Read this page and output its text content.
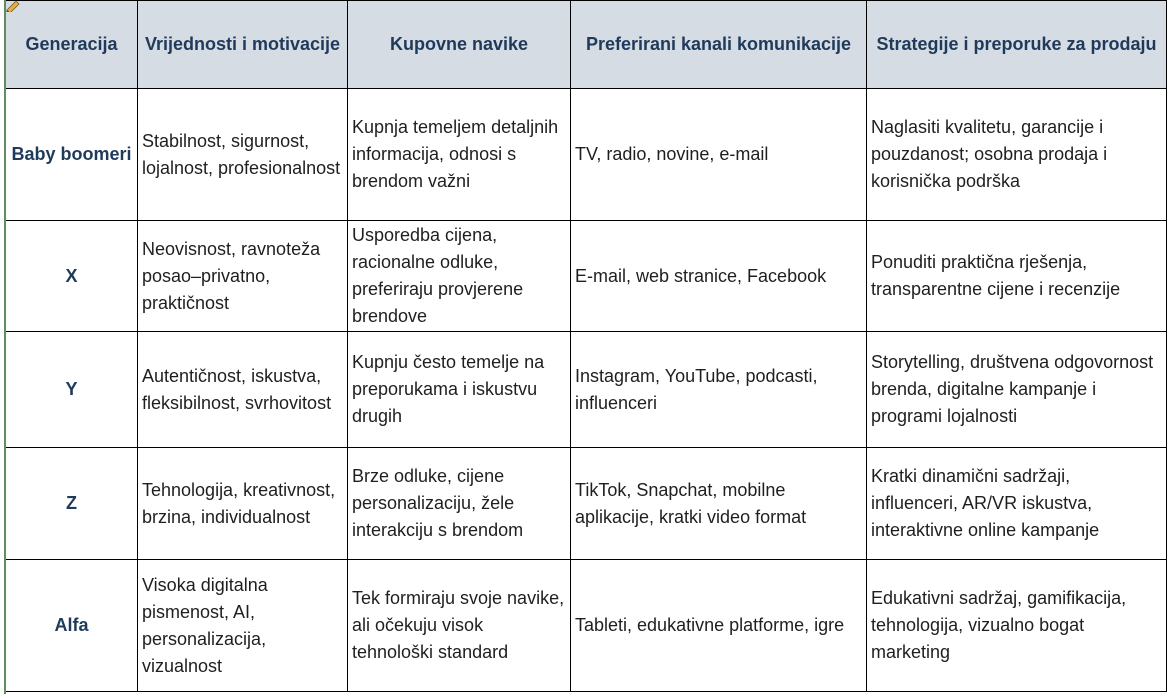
Generacija	Vrijednosti i motivacije	Kupovne navike	Preferirani kanali komunikacije	Strategije i preporuke za prodaju
Baby boomeri	Stabilnost, sigurnost, lojalnost, profesionalnost	Kupnja temeljem detaljnih informacija, odnosi s brendom važni	TV, radio, novine, e-mail	Naglasiti kvalitetu, garancije i pouzdanost; osobna prodaja i korisnička podrška
X	Neovisnost, ravnoteža posao–privatno, praktičnost	Usporedba cijena, racionalne odluke, preferiraju provjerene brendove	E-mail, web stranice, Facebook	Ponuditi praktična rješenja, transparentne cijene i recenzije
Y	Autentičnost, iskustva, fleksibilnost, svrhovitost	Kupnju često temelje na preporukama i iskustvu drugih	Instagram, YouTube, podcasti, influenceri	Storytelling, društvena odgovornost brenda, digitalne kampanje i programi lojalnosti
Z	Tehnologija, kreativnost, brzina, individualnost	Brze odluke, cijene personalizaciju, žele interakciju s brendom	TikTok, Snapchat, mobilne aplikacije, kratki video format	Kratki dinamični sadržaji, influenceri, AR/VR iskustva, interaktivne online kampanje
Alfa	Visoka digitalna pismenost, AI, personalizacija, vizualnost	Tek formiraju svoje navike, ali očekuju visok tehnološki standard	Tableti, edukativne platforme, igre	Edukativni sadržaj, gamifikacija, tehnologija, vizualno bogat marketing
